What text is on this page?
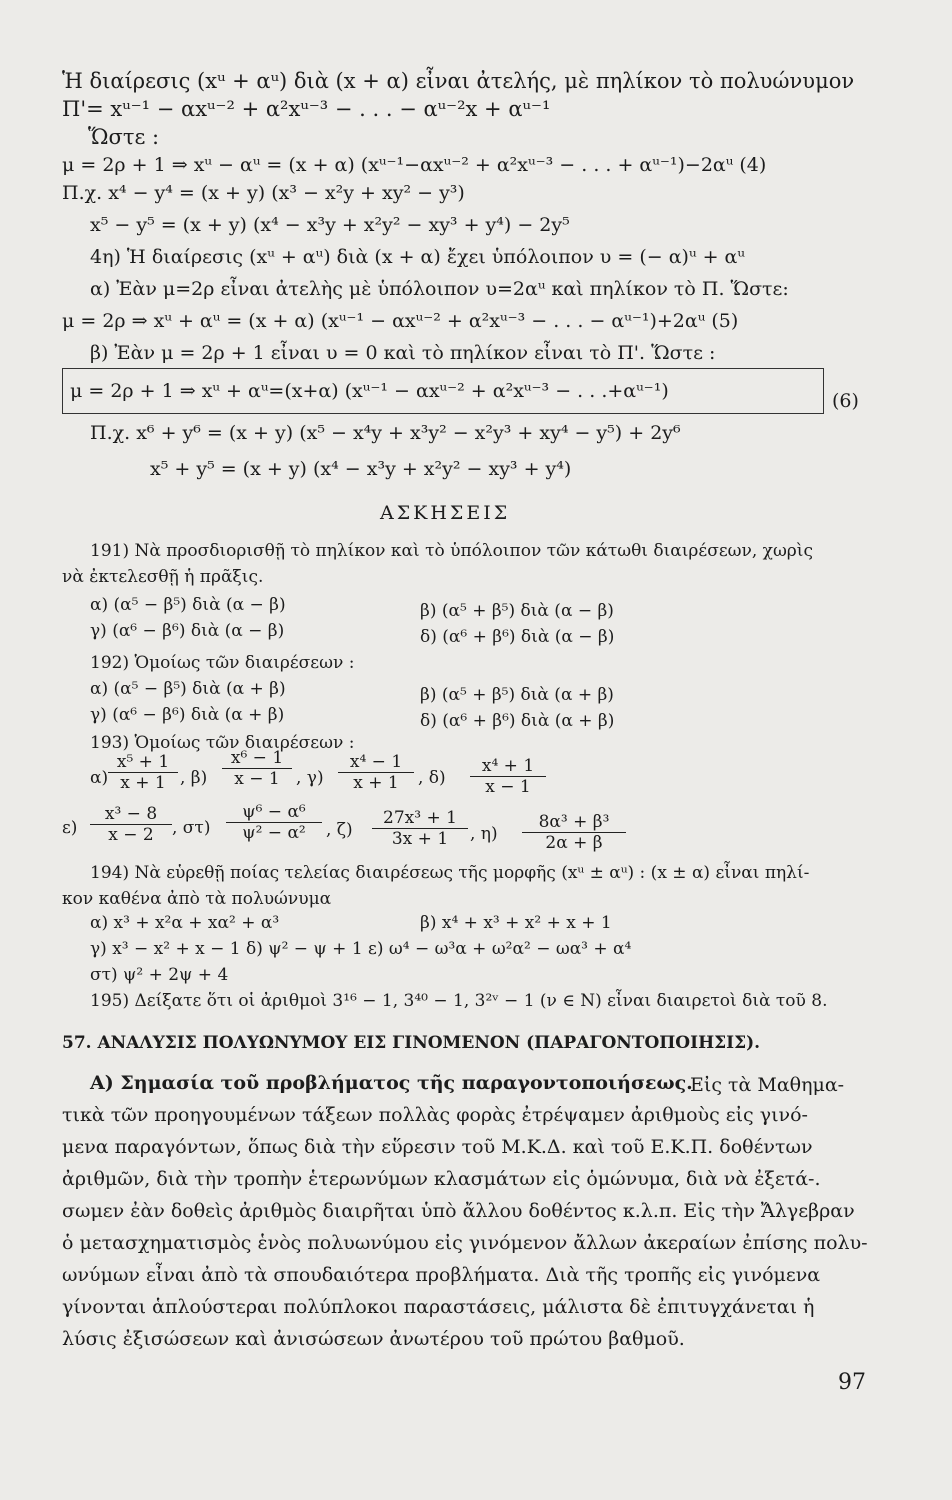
Ἡ διαίρεσις (xᵘ + αᵘ) διὰ (x + α) εἶναι ἀτελής, μὲ πηλίκον τὸ πολυώνυμον
Π'= xᵘ⁻¹ − αxᵘ⁻² + α²xᵘ⁻³ − . . . − αᵘ⁻²x + αᵘ⁻¹
Ὥστε :
μ = 2ρ + 1 ⇒ xᵘ − αᵘ = (x + α) (xᵘ⁻¹−αxᵘ⁻² + α²xᵘ⁻³ − . . . + αᵘ⁻¹)−2αᵘ (4)
Π.χ. x⁴ − y⁴ = (x + y) (x³ − x²y + xy² − y³)
x⁵ − y⁵ = (x + y) (x⁴ − x³y + x²y² − xy³ + y⁴) − 2y⁵
4η) Ἡ διαίρεσις (xᵘ + αᵘ) διὰ (x + α) ἔχει ὑπόλοιπον υ = (− α)ᵘ + αᵘ
α) Ἐὰν μ=2ρ εἶναι ἀτελὴς μὲ ὑπόλοιπον υ=2αᵘ καὶ πηλίκον τὸ Π. Ὥστε:
μ = 2ρ ⇒ xᵘ + αᵘ = (x + α) (xᵘ⁻¹ − αxᵘ⁻² + α²xᵘ⁻³ − . . . − αᵘ⁻¹)+2αᵘ (5)
β) Ἐὰν μ = 2ρ + 1 εἶναι υ = 0 καὶ τὸ πηλίκον εἶναι τὸ Π'. Ὥστε :
μ = 2ρ + 1 ⇒ xᵘ + αᵘ=(x+α) (xᵘ⁻¹ − αxᵘ⁻² + α²xᵘ⁻³ − . . .+αᵘ⁻¹)	(6)
Π.χ. x⁶ + y⁶ = (x + y) (x⁵ − x⁴y + x³y² − x²y³ + xy⁴ − y⁵) + 2y⁶
x⁵ + y⁵ = (x + y) (x⁴ − x³y + x²y² − xy³ + y⁴)
ΑΣΚΗΣΕΙΣ
191) Νὰ προσδιορισθῇ τὸ πηλίκον καὶ τὸ ὑπόλοιπον τῶν κάτωθι διαιρέσεων, χωρὶς
νὰ ἐκτελεσθῇ ἡ πρᾶξις.
α) (α⁵ − β⁵) διὰ (α − β)	β) (α⁵ + β⁵) διὰ (α − β)
γ) (α⁶ − β⁶) διὰ (α − β)	δ) (α⁶ + β⁶) διὰ (α − β)
192) Ὁμοίως τῶν διαιρέσεων :
α) (α⁵ − β⁵) διὰ (α + β)	β) (α⁵ + β⁵) διὰ (α + β)
γ) (α⁶ − β⁶) διὰ (α + β)	δ) (α⁶ + β⁶) διὰ (α + β)
193) Ὁμοίως τῶν διαιρέσεων :
$\alpha) \frac{\text{x⁵ + 1}}{x + 1}$ , $\beta) \frac{\text{x⁶ − 1}}{x - 1}$ , $\gamma) \frac{\text{x⁴ − 1}}{x + 1}$ , $\delta) \frac{\text{x⁴ + 1}}{x - 1}$
$\varepsilon) \frac{\text{x³ − 8}}{x - 2}$ , $\sigma\tau) \frac{\text{ψ⁶ − α⁶}}{\text{ψ² − α²}}$ , $\zeta) \frac{\text{27x³ + 1}}{3x + 1}$ , $\eta) \frac{\text{8α³ + β³}}{2\alpha + \beta}$
194) Νὰ εὑρεθῇ ποίας τελείας διαιρέσεως τῆς μορφῆς (xᵘ ± αᵘ) : (x ± α) εἶναι πηλί-
κον καθένα ἀπὸ τὰ πολυώνυμα
α) x³ + x²α + xα² + α³	β) x⁴ + x³ + x² + x + 1
γ) x³ − x² + x − 1 δ) ψ² − ψ + 1 ε) ω⁴ − ω³α + ω²α² − ωα³ + α⁴
στ) ψ² + 2ψ + 4
195) Δείξατε ὅτι οἱ ἀριθμοὶ 3¹⁶ − 1, 3⁴⁰ − 1, 3²ᵛ − 1 (ν ∈ N) εἶναι διαιρετοὶ διὰ τοῦ 8.
57. ΑΝΑΛΥΣΙΣ ΠΟΛΥΩΝΥΜΟΥ ΕΙΣ ΓΙΝΟΜΕΝΟΝ (ΠΑΡΑΓΟΝΤΟΠΟΙΗΣΙΣ).
Α) Σημασία τοῦ προβλήματος τῆς παραγοντοποιήσεως.
Εἰς τὰ Μαθημα-
τικὰ τῶν προηγουμένων τάξεων πολλὰς φορὰς ἐτρέψαμεν ἀριθμοὺς εἰς γινό-
μενα παραγόντων, ὅπως διὰ τὴν εὕρεσιν τοῦ Μ.Κ.Δ. καὶ τοῦ Ε.Κ.Π. δοθέντων
ἀριθμῶν, διὰ τὴν τροπὴν ἑτερωνύμων κλασμάτων εἰς ὁμώνυμα, διὰ νὰ ἐξετά-.
σωμεν ἐὰν δοθεὶς ἀριθμὸς διαιρῆται ὑπὸ ἄλλου δοθέντος κ.λ.π. Εἰς τὴν Ἄλγεβραν
ὁ μετασχηματισμὸς ἑνὸς πολυωνύμου εἰς γινόμενον ἄλλων ἀκεραίων ἐπίσης πολυ-
ωνύμων εἶναι ἀπὸ τὰ σπουδαιότερα προβλήματα. Διὰ τῆς τροπῆς εἰς γινόμενα
γίνονται ἁπλούστεραι πολύπλοκοι παραστάσεις, μάλιστα δὲ ἐπιτυγχάνεται ἡ
λύσις ἐξισώσεων καὶ ἀνισώσεων ἀνωτέρου τοῦ πρώτου βαθμοῦ.
97
